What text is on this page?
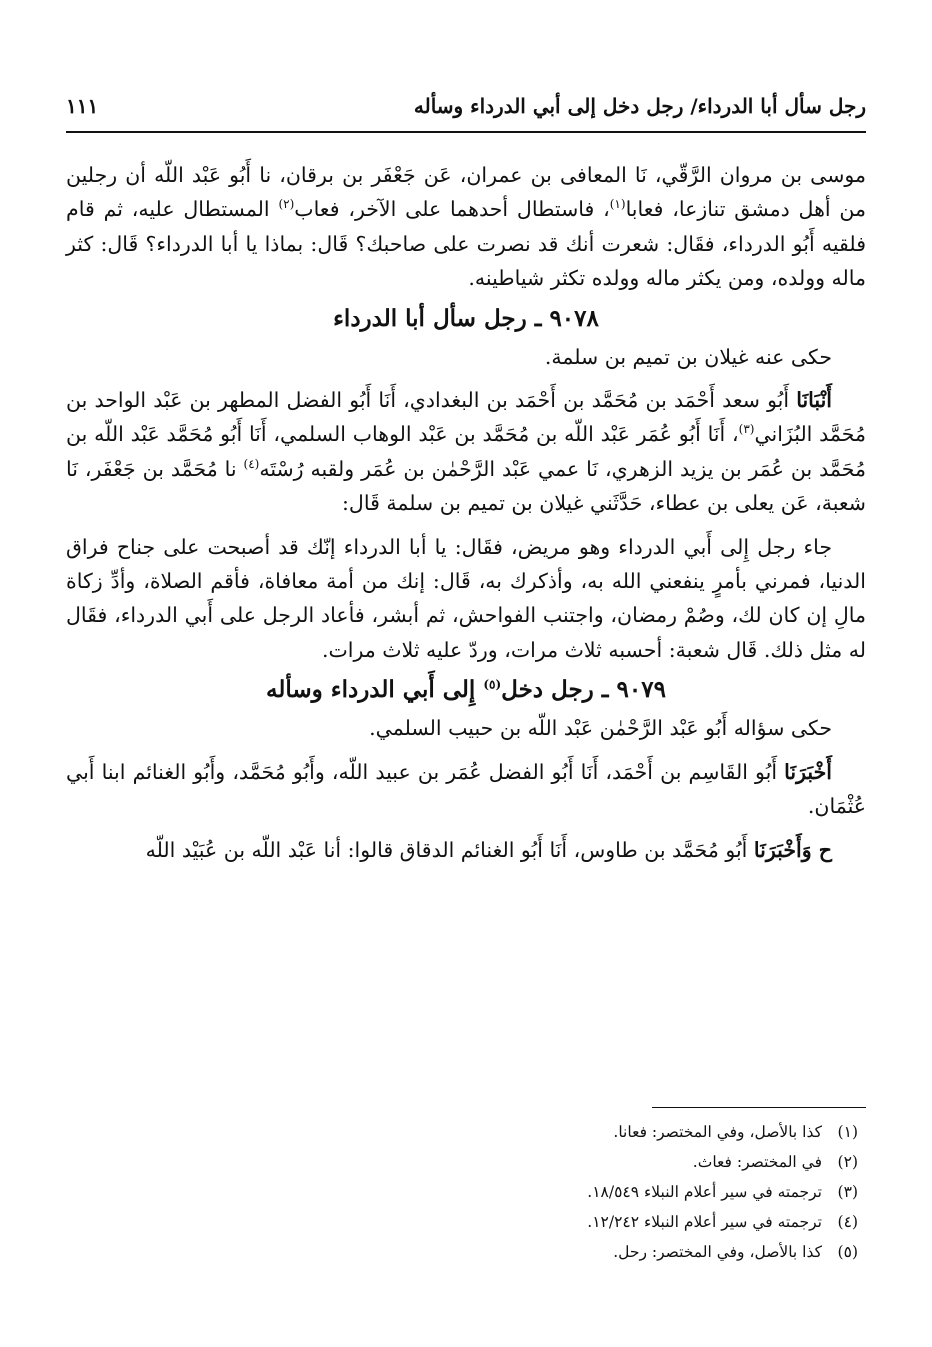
رجل سأل أبا الدرداء/ رجل دخل إلى أبي الدرداء وسأله
١١١

موسى بن مروان الرَّقّي، نَا المعافى بن عمران، عَن جَعْفَر بن برقان، نا أَبُو عَبْد اللّه أن رجلين من أهل دمشق تنازعا، فعابا$^{(١)}$، فاستطال أحدهما على الآخر، فعاب$^{(٢)}$ المستطال عليه، ثم قام فلقيه أَبُو الدرداء، فقَال: شعرت أنك قد نصرت على صاحبك؟ قَال: بماذا يا أبا الدرداء؟ قَال: كثر ماله وولده، ومن يكثر ماله وولده تكثر شياطينه.

٩٠٧٨ ـ رجل سأل أبا الدرداء

حكى عنه غيلان بن تميم بن سلمة.

أَنْبَانَا أَبُو سعد أَحْمَد بن مُحَمَّد بن أَحْمَد بن البغدادي، أَنَا أَبُو الفضل المطهر بن عَبْد الواحد بن مُحَمَّد البُزَاني$^{(٣)}$، أَنَا أَبُو عُمَر عَبْد اللّه بن مُحَمَّد بن عَبْد الوهاب السلمي، أَنَا أَبُو مُحَمَّد عَبْد اللّه بن مُحَمَّد بن عُمَر بن يزيد الزهري، نَا عمي عَبْد الرَّحْمٰن بن عُمَر ولقبه رُسْتَه$^{(٤)}$ نا مُحَمَّد بن جَعْفَر، نَا شعبة، عَن يعلى بن عطاء، حَدَّثَني غيلان بن تميم بن سلمة قَال:

جاء رجل إِلى أَبي الدرداء وهو مريض، فقَال: يا أبا الدرداء إنّك قد أصبحت على جناح فراق الدنيا، فمرني بأمرٍ ينفعني الله به، وأذكرك به، قَال: إنك من أمة معافاة، فأقم الصلاة، وأدِّ زكاة مالِ إن كان لك، وصُمْ رمضان، واجتنب الفواحش، ثم أبشر، فأعاد الرجل على أَبي الدرداء، فقَال له مثل ذلك. قَال شعبة: أحسبه ثلاث مرات، وردّ عليه ثلاث مرات.

٩٠٧٩ ـ رجل دخل$^{(٥)}$ إِلى أَبي الدرداء وسأله

حكى سؤاله أَبُو عَبْد الرَّحْمٰن عَبْد اللّه بن حبيب السلمي.

أَخْبَرَنَا أَبُو القَاسِم بن أَحْمَد، أَنَا أَبُو الفضل عُمَر بن عبيد اللّه، وأَبُو مُحَمَّد، وأَبُو الغنائم ابنا أَبي عُثْمَان.

ح وَأَخْبَرَنَا أَبُو مُحَمَّد بن طاوس، أَنَا أَبُو الغنائم الدقاق قالوا: أنا عَبْد اللّه بن عُبَيْد اللّه

(١)
كذا بالأصل، وفي المختصر: فعانا.
(٢)
في المختصر: فعاث.
(٣)
ترجمته في سير أعلام النبلاء ١٨/٥٤٩.
(٤)
ترجمته في سير أعلام النبلاء ١٢/٢٤٢.
(٥)
كذا بالأصل، وفي المختصر: رحل.
